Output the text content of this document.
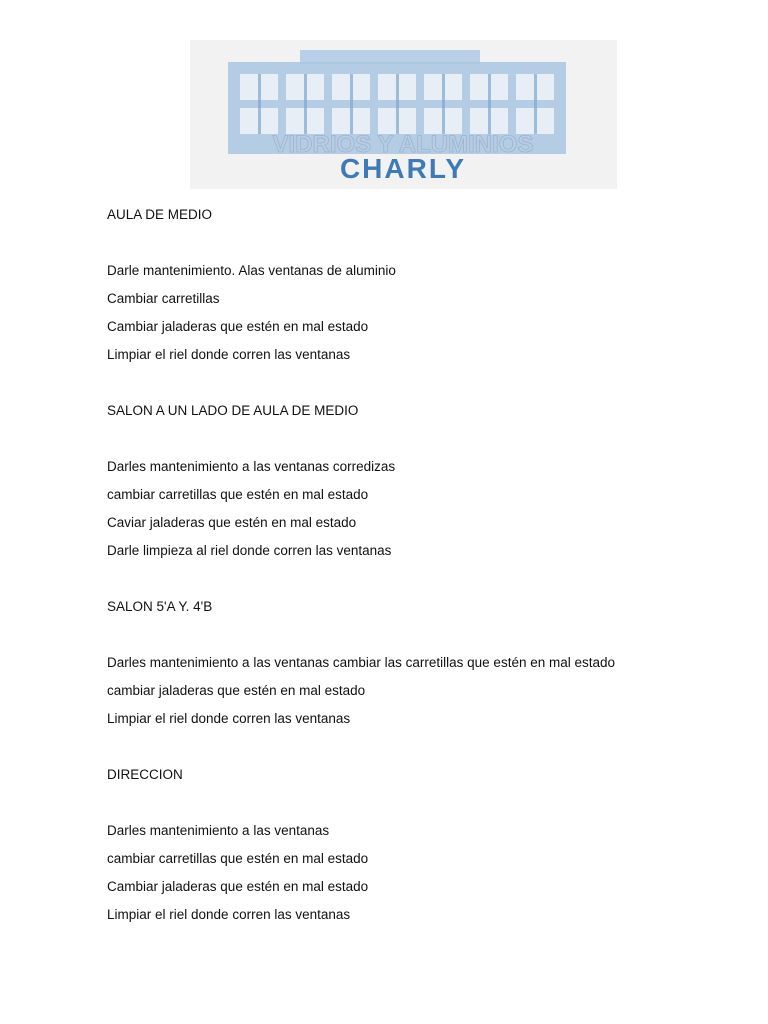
VIDRIOS Y ALUMINIOS
CHARLY
AULA DE MEDIO
Darle mantenimiento. Alas ventanas de aluminio
Cambiar carretillas
Cambiar jaladeras que estén en mal estado
Limpiar el riel donde corren las ventanas
SALON A UN LADO DE AULA DE MEDIO
Darles mantenimiento a las ventanas corredizas
cambiar carretillas que estén en mal estado
Caviar jaladeras que estén en mal estado
Darle limpieza al riel donde corren las ventanas
SALON 5'A Y. 4'B
Darles mantenimiento a las ventanas cambiar las carretillas que estén en mal estado
cambiar jaladeras que estén en mal estado
Limpiar el riel donde corren las ventanas
DIRECCION
Darles mantenimiento a las ventanas
cambiar carretillas que estén en mal estado
Cambiar jaladeras que estén en mal estado
Limpiar el riel donde corren las ventanas
